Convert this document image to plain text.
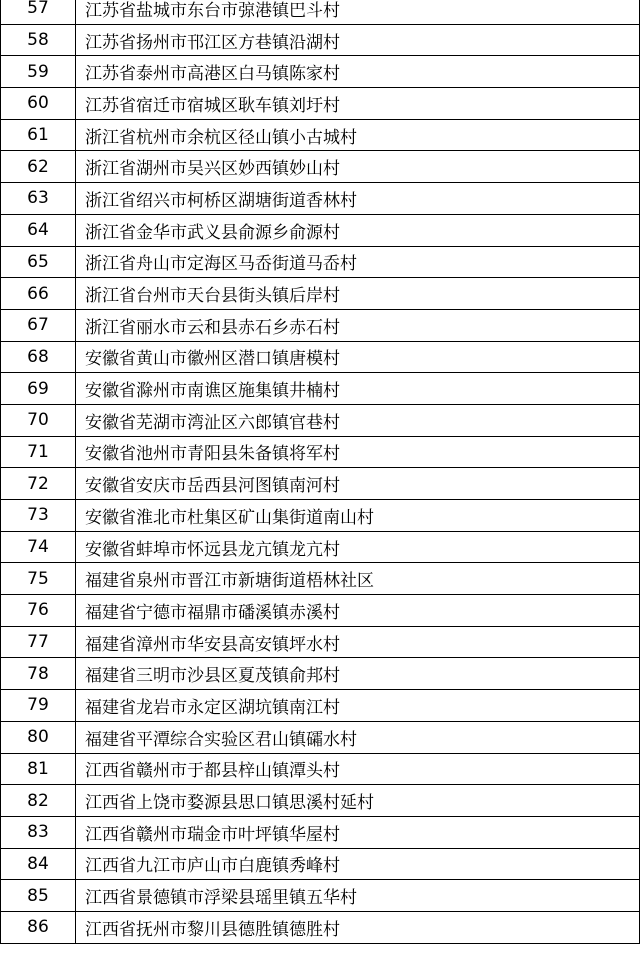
57	江苏省盐城市东台市弶港镇巴斗村
58	江苏省扬州市邗江区方巷镇沿湖村
59	江苏省泰州市高港区白马镇陈家村
60	江苏省宿迁市宿城区耿车镇刘圩村
61	浙江省杭州市余杭区径山镇小古城村
62	浙江省湖州市吴兴区妙西镇妙山村
63	浙江省绍兴市柯桥区湖塘街道香林村
64	浙江省金华市武义县俞源乡俞源村
65	浙江省舟山市定海区马岙街道马岙村
66	浙江省台州市天台县街头镇后岸村
67	浙江省丽水市云和县赤石乡赤石村
68	安徽省黄山市徽州区潜口镇唐模村
69	安徽省滁州市南谯区施集镇井楠村
70	安徽省芜湖市湾沚区六郎镇官巷村
71	安徽省池州市青阳县朱备镇将军村
72	安徽省安庆市岳西县河图镇南河村
73	安徽省淮北市杜集区矿山集街道南山村
74	安徽省蚌埠市怀远县龙亢镇龙亢村
75	福建省泉州市晋江市新塘街道梧林社区
76	福建省宁德市福鼎市磻溪镇赤溪村
77	福建省漳州市华安县高安镇坪水村
78	福建省三明市沙县区夏茂镇俞邦村
79	福建省龙岩市永定区湖坑镇南江村
80	福建省平潭综合实验区君山镇礵水村
81	江西省赣州市于都县梓山镇潭头村
82	江西省上饶市婺源县思口镇思溪村延村
83	江西省赣州市瑞金市叶坪镇华屋村
84	江西省九江市庐山市白鹿镇秀峰村
85	江西省景德镇市浮梁县瑶里镇五华村
86	江西省抚州市黎川县德胜镇德胜村
